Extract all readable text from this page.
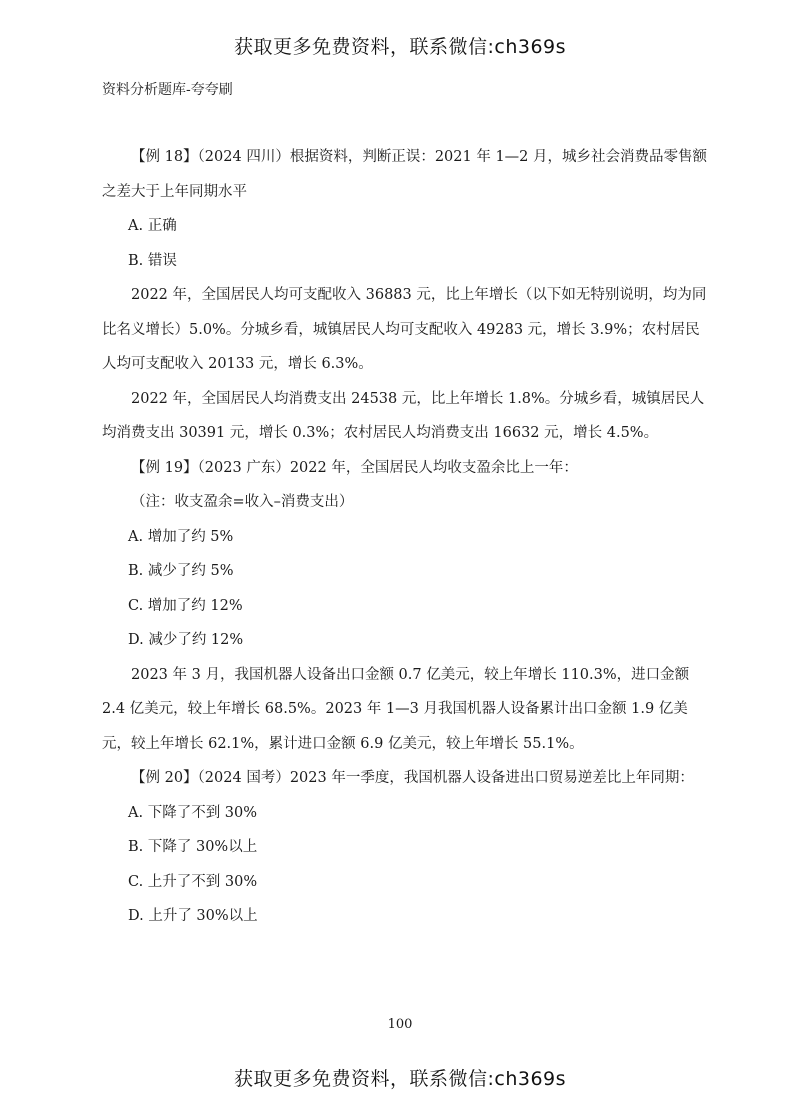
获取更多免费资料，联系微信:ch369s
资料分析题库-夸夸刷

【例 18】（2024 四川）根据资料，判断正误：2021 年 1—2 月，城乡社会消费品零售额之差大于上年同期水平

A. 正确

B. 错误

2022 年，全国居民人均可支配收入 36883 元，比上年增长（以下如无特别说明，均为同比名义增长）5.0%。分城乡看，城镇居民人均可支配收入 49283 元，增长 3.9%；农村居民人均可支配收入 20133 元，增长 6.3%。

2022 年，全国居民人均消费支出 24538 元，比上年增长 1.8%。分城乡看，城镇居民人均消费支出 30391 元，增长 0.3%；农村居民人均消费支出 16632 元，增长 4.5%。

【例 19】（2023 广东）2022 年，全国居民人均收支盈余比上一年：

（注：收支盈余=收入–消费支出）

A. 增加了约 5%

B. 减少了约 5%

C. 增加了约 12%

D. 减少了约 12%

2023 年 3 月，我国机器人设备出口金额 0.7 亿美元，较上年增长 110.3%，进口金额 2.4 亿美元，较上年增长 68.5%。2023 年 1—3 月我国机器人设备累计出口金额 1.9 亿美元，较上年增长 62.1%，累计进口金额 6.9 亿美元，较上年增长 55.1%。

【例 20】（2024 国考）2023 年一季度，我国机器人设备进出口贸易逆差比上年同期：

A. 下降了不到 30%

B. 下降了 30%以上

C. 上升了不到 30%

D. 上升了 30%以上

100
获取更多免费资料，联系微信:ch369s
